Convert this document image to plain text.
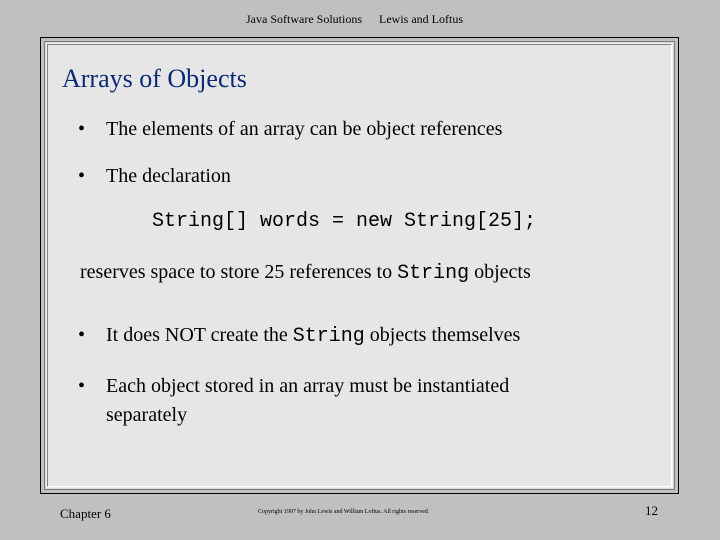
Java Software Solutions Lewis and Loftus
Arrays of Objects
• The elements of an array can be object references
• The declaration
String[] words = new String[25];
reserves space to store 25 references to String objects
• It does NOT create the String objects themselves
• Each object stored in an array must be instantiated
separately
Chapter 6	Copyright 1997 by John Lewis and William Loftus. All rights reserved.	12
